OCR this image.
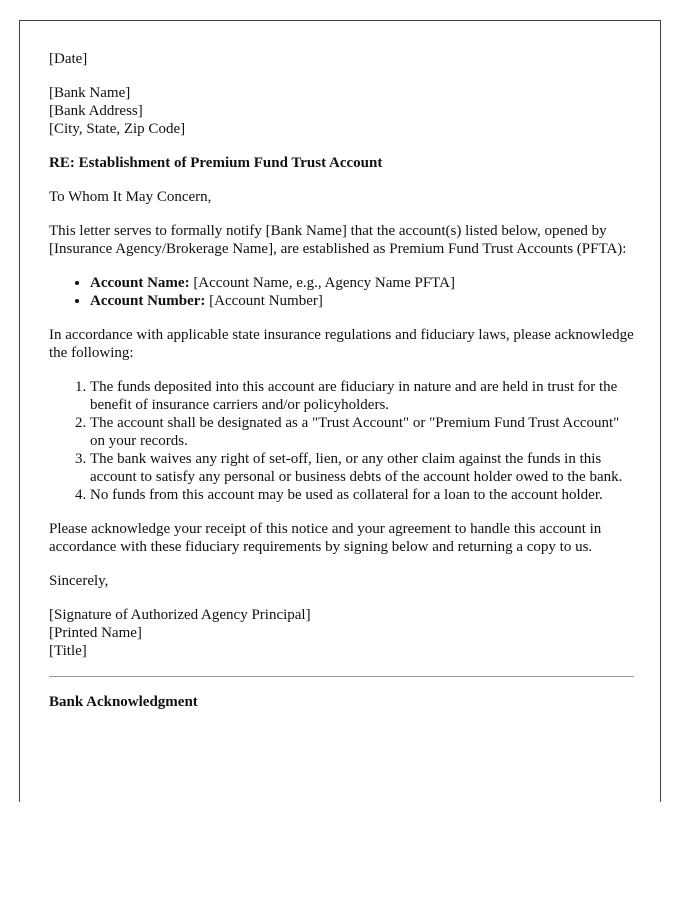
[Date]

[Bank Name]
[Bank Address]
[City, State, Zip Code]

RE: Establishment of Premium Fund Trust Account

To Whom It May Concern,

This letter serves to formally notify [Bank Name] that the account(s) listed below, opened by [Insurance Agency/Brokerage Name], are established as Premium Fund Trust Accounts (PFTA):

• Account Name: [Account Name, e.g., Agency Name PFTA]
• Account Number: [Account Number]

In accordance with applicable state insurance regulations and fiduciary laws, please acknowledge the following:

1. The funds deposited into this account are fiduciary in nature and are held in trust for the benefit of insurance carriers and/or policyholders.
2. The account shall be designated as a "Trust Account" or "Premium Fund Trust Account" on your records.
3. The bank waives any right of set-off, lien, or any other claim against the funds in this account to satisfy any personal or business debts of the account holder owed to the bank.
4. No funds from this account may be used as collateral for a loan to the account holder.

Please acknowledge your receipt of this notice and your agreement to handle this account in accordance with these fiduciary requirements by signing below and returning a copy to us.

Sincerely,

[Signature of Authorized Agency Principal]
[Printed Name]
[Title]

Bank Acknowledgment
